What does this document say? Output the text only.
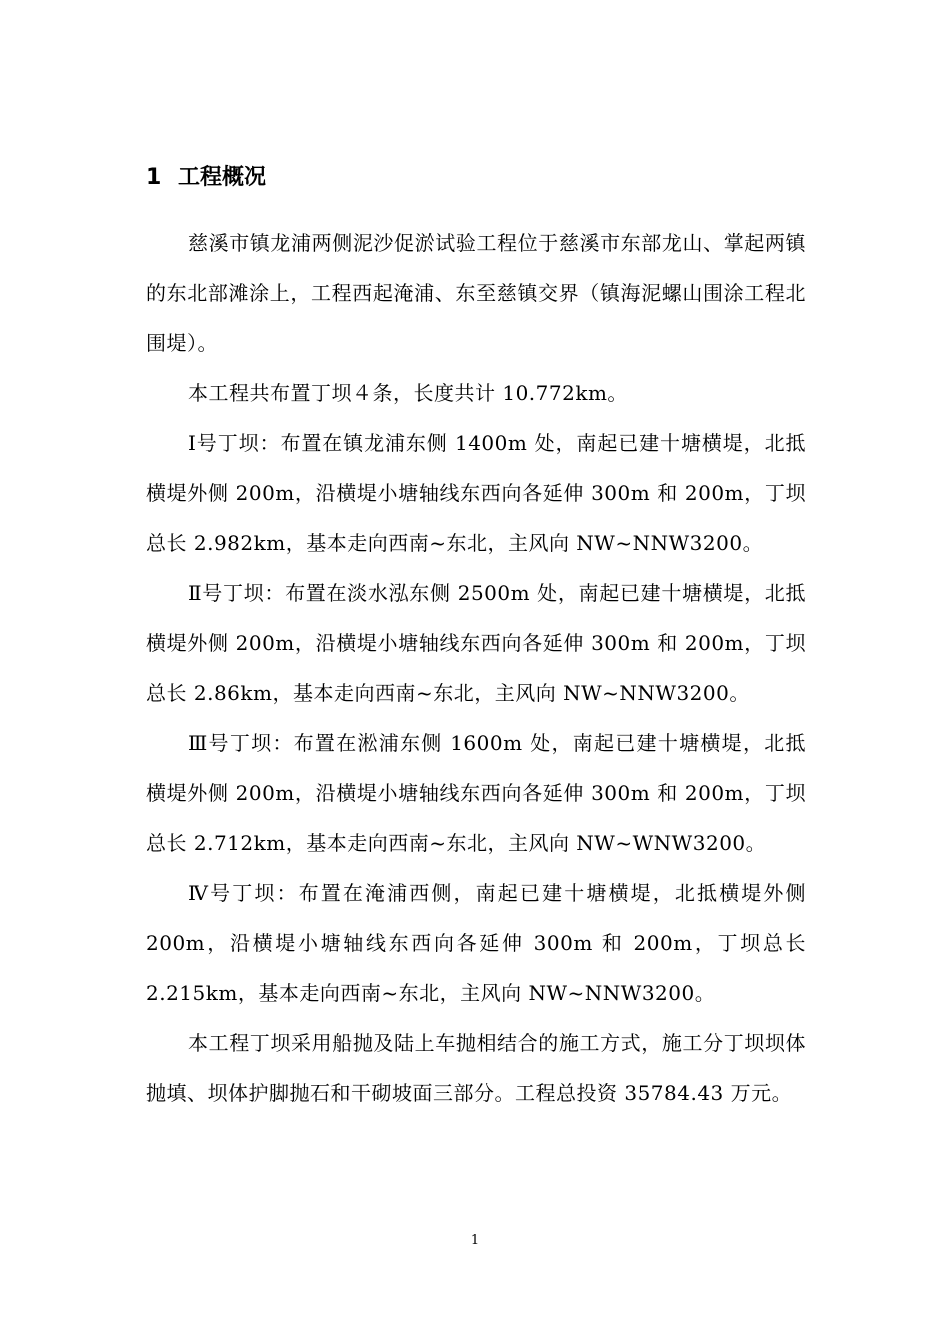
1 工程概况

慈溪市镇龙浦两侧泥沙促淤试验工程位于慈溪市东部龙山、掌起两镇的东北部滩涂上，工程西起淹浦、东至慈镇交界（镇海泥螺山围涂工程北围堤）。

本工程共布置丁坝４条，长度共计 10.772km。

Ⅰ号丁坝：布置在镇龙浦东侧 1400m 处，南起已建十塘横堤，北抵横堤外侧 200m，沿横堤小塘轴线东西向各延伸 300m 和 200m，丁坝总长 2.982km，基本走向西南~东北，主风向 NW~NNW3200。

Ⅱ号丁坝：布置在淡水泓东侧 2500m 处，南起已建十塘横堤，北抵横堤外侧 200m，沿横堤小塘轴线东西向各延伸 300m 和 200m，丁坝总长 2.86km，基本走向西南~东北，主风向 NW~NNW3200。

Ⅲ号丁坝：布置在淞浦东侧 1600m 处，南起已建十塘横堤，北抵横堤外侧 200m，沿横堤小塘轴线东西向各延伸 300m 和 200m，丁坝总长 2.712km，基本走向西南~东北，主风向 NW~WNW3200。

Ⅳ号丁坝：布置在淹浦西侧，南起已建十塘横堤，北抵横堤外侧 200m，沿横堤小塘轴线东西向各延伸 300m 和 200m，丁坝总长 2.215km，基本走向西南~东北，主风向 NW~NNW3200。

本工程丁坝采用船抛及陆上车抛相结合的施工方式，施工分丁坝坝体抛填、坝体护脚抛石和干砌坡面三部分。工程总投资 35784.43 万元。

1
